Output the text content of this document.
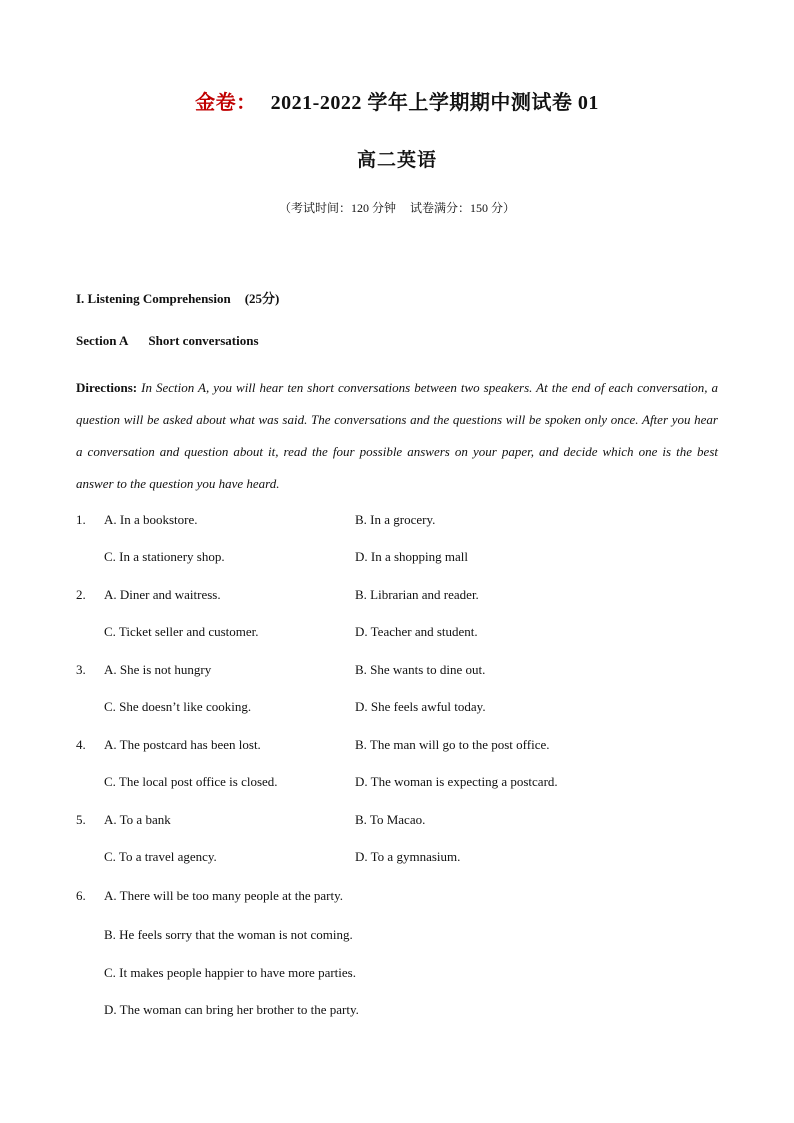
金卷： 2021-2022 学年上学期期中测试卷 01
高二英语
（考试时间：120 分钟 试卷满分：150 分）
I. Listening Comprehension (25分)
Section A Short conversations
Directions: In Section A, you will hear ten short conversations between two speakers. At the end of each conversation, a question will be asked about what was said. The conversations and the questions will be spoken only once. After you hear a conversation and question about it, read the four possible answers on your paper, and decide which one is the best answer to the question you have heard.
1.	A. In a bookstore.	B. In a grocery.
C. In a stationery shop.	D. In a shopping mall
2.	A. Diner and waitress.	B. Librarian and reader.
C. Ticket seller and customer.	D. Teacher and student.
3.	A. She is not hungry	B. She wants to dine out.
C. She doesn’t like cooking.	D. She feels awful today.
4.	A. The postcard has been lost.	B. The man will go to the post office.
C. The local post office is closed.	D. The woman is expecting a postcard.
5.	A. To a bank	B. To Macao.
C. To a travel agency.	D. To a gymnasium.
6.	A. There will be too many people at the party.
B. He feels sorry that the woman is not coming.
C. It makes people happier to have more parties.
D. The woman can bring her brother to the party.
